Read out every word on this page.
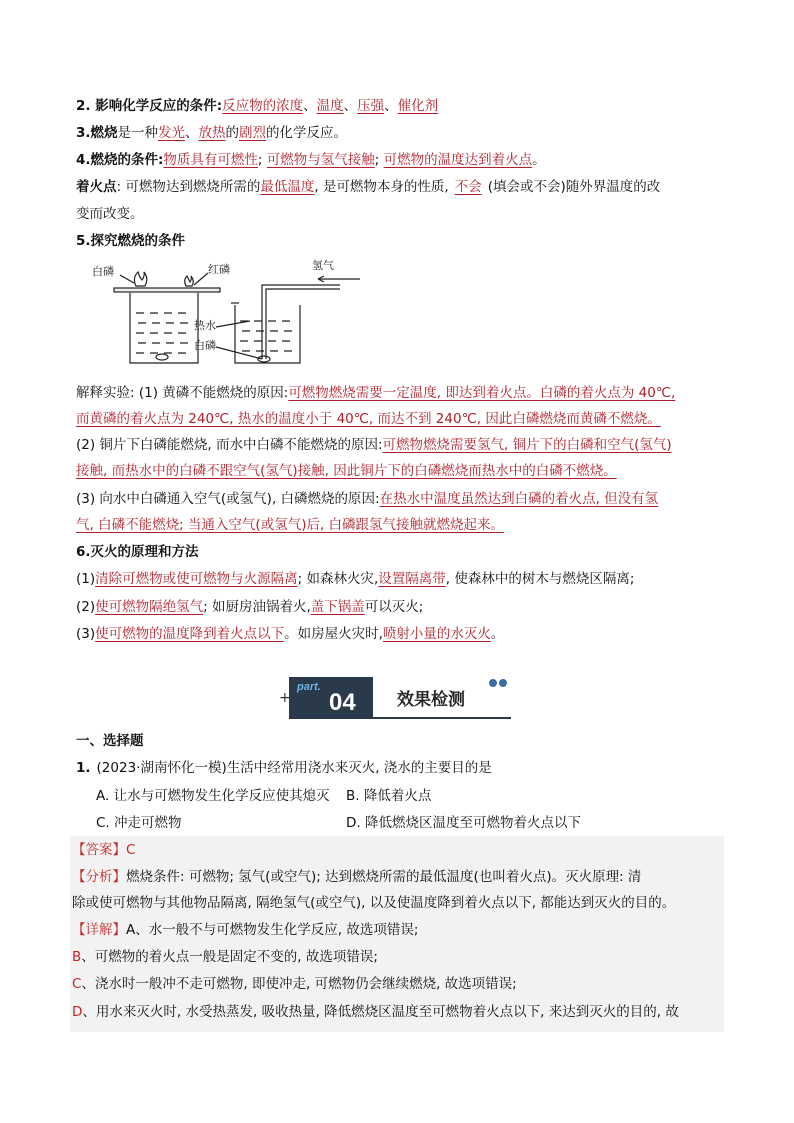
2. 影响化学反应的条件:反应物的浓度、温度、压强、催化剂
3.燃烧是一种发光、放热的剧烈的化学反应。
4.燃烧的条件:物质具有可燃性; 可燃物与氢气接触; 可燃物的温度达到着火点。
着火点: 可燃物达到燃烧所需的最低温度, 是可燃物本身的性质, 不会 (填会或不会)随外界温度的改
变而改变。
5.探究燃烧的条件
白磷	红磷	氢气
热水
白磷
解释实验: (1) 黄磷不能燃烧的原因:可燃物燃烧需要一定温度, 即达到着火点。白磷的着火点为 40℃,
而黄磷的着火点为 240℃, 热水的温度小于 40℃, 而达不到 240℃, 因此白磷燃烧而黄磷不燃烧。
(2) 铜片下白磷能燃烧, 而水中白磷不能燃烧的原因:可燃物燃烧需要氢气, 铜片下的白磷和空气(氢气)
接触, 而热水中的白磷不跟空气(氢气)接触, 因此铜片下的白磷燃烧而热水中的白磷不燃烧。
(3) 向水中白磷通入空气(或氢气), 白磷燃烧的原因:在热水中温度虽然达到白磷的着火点, 但没有氢
气, 白磷不能燃烧; 当通入空气(或氢气)后, 白磷跟氢气接触就燃烧起来。
6.灭火的原理和方法
(1)清除可燃物或使可燃物与火源隔离; 如森林火灾,设置隔离带, 使森林中的树木与燃烧区隔离;
(2)使可燃物隔绝氢气; 如厨房油锅着火,盖下锅盖可以灭火;
(3)使可燃物的温度降到着火点以下。如房屋火灾时,喷射小量的水灭火。
part.
04 效果检测
+
一、选择题
1. (2023·湖南怀化一模)生活中经常用浇水来灭火, 浇水的主要目的是
A. 让水与可燃物发生化学反应使其熄灭 B. 降低着火点
C. 冲走可燃物	D. 降低燃烧区温度至可燃物着火点以下
【答案】C
【分析】燃烧条件: 可燃物; 氢气(或空气); 达到燃烧所需的最低温度(也叫着火点)。灭火原理: 清
除或使可燃物与其他物品隔离, 隔绝氢气(或空气), 以及使温度降到着火点以下, 都能达到灭火的目的。
【详解】A、水一般不与可燃物发生化学反应, 故选项错误;
B、可燃物的着火点一般是固定不变的, 故选项错误;
C、浇水时一般冲不走可燃物, 即使冲走, 可燃物仍会继续燃烧, 故选项错误;
D、用水来灭火时, 水受热蒸发, 吸收热量, 降低燃烧区温度至可燃物着火点以下, 来达到灭火的目的, 故
